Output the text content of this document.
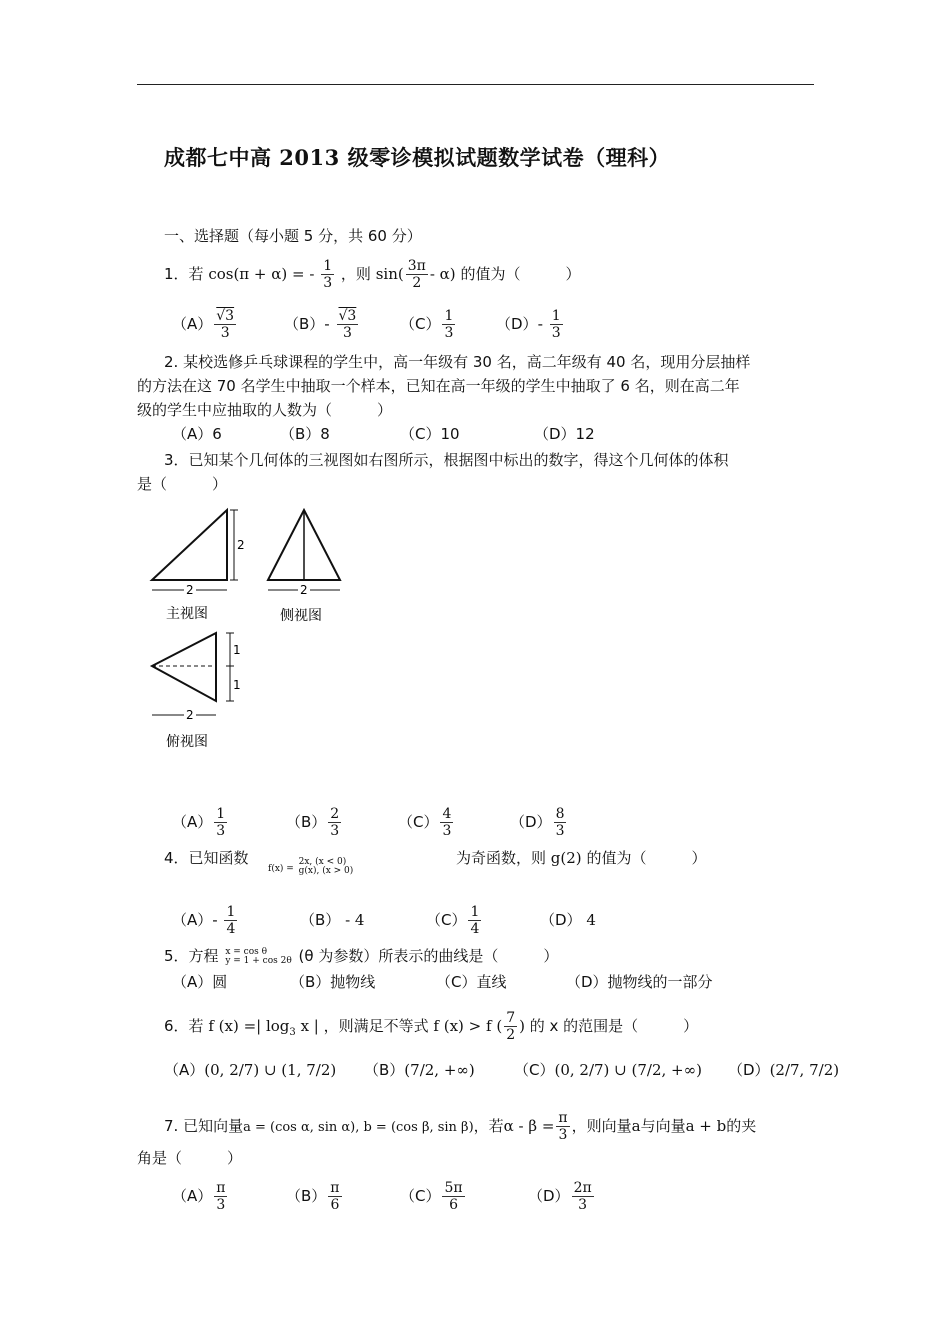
成都七中高 2013 级零诊模拟试题数学试卷（理科）
一、选择题（每小题 5 分，共 60 分）
1．若 cos(π + α) = - $\frac{1}{3}$ ，则 $\sin( \frac{3\pi}{2} - \alpha)$ 的值为（　　　）
$(A) \frac{√3}{3}$	$(B)- \frac{√3}{3}$	$(C) \frac{1}{3}$	$(D)- \frac{1}{3}$
2. 某校选修乒乓球课程的学生中，高一年级有 30 名，高二年级有 40 名，现用分层抽样
的方法在这 70 名学生中抽取一个样本，已知在高一年级的学生中抽取了 6 名，则在高二年
级的学生中应抽取的人数为（　　　）
（A）6	（B）8	（C）10	（D）12
3．已知某个几何体的三视图如右图所示，根据图中标出的数字，得这个几何体的体积
是（　　　）
2
2
主视图
2
侧视图
1
1
2
俯视图
$(A) \frac{1}{3}$	$(B) \frac{2}{3}$	$(C) \frac{4}{3}$	$(D) \frac{8}{3}$
4．已知函数
f(x) =
2x, (x < 0)
g(x), (x > 0)
为奇函数，则 g(2) 的值为（　　　）
$(A)- \frac{1}{4}$	（B） - 4	$(C) \frac{1}{4}$	（D） 4
5．方程 x = cos θ
y = 1 + cos 2θ (θ 为参数）所表示的曲线是（　　　）
（A）圆	（B）抛物线	（C）直线	（D）抛物线的一部分
6．若 f (x) =| $\log_3 x$ | ，则满足不等式 f (x) > f ( $\frac{7}{2}$ ) 的 x 的范围是（　　　）
（A）(0, 2/7) ∪ (1, 7/2) （B）(7/2, +∞)	（C）(0, 2/7) ∪ (7/2, +∞) （D）(2/7, 7/2)
7. 已知向量a = (cos α, sin α), b = (cos β, sin β)，若$\alpha - \beta = \frac{\pi}{3}$ ，则向量a与向量a + b的夹
角是（　　　）
$(A) \frac{\pi}{3}$	$(B) \frac{\pi}{6}$	$(C) \frac{5\pi}{6}$	$(D) \frac{2\pi}{3}$
